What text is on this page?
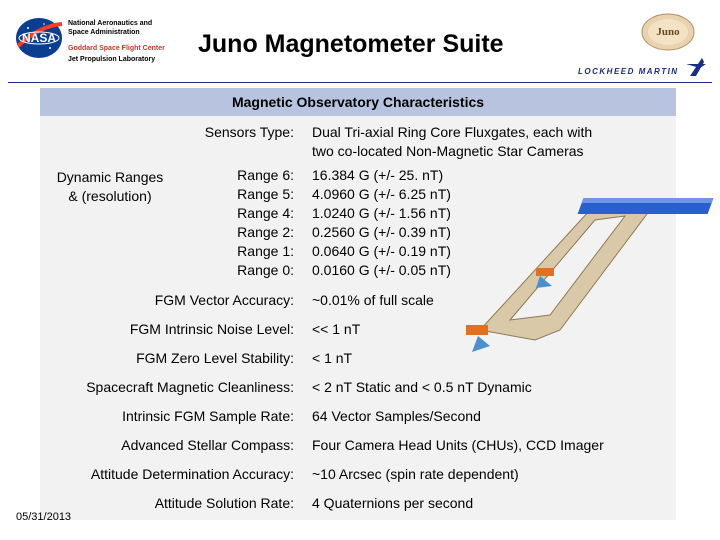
NASA
National Aeronautics and
Space Administration
Goddard Space Flight Center
Jet Propulsion Laboratory
Juno Magnetometer Suite	Juno
LOCKHEED MARTIN
Magnetic Observatory Characteristics
Sensors Type: Dual Tri-axial Ring Core Fluxgates, each with
two co-located Non-Magnetic Star Cameras
Dynamic Ranges
& (resolution)
Range 6: 16.384 G (+/- 25. nT)
Range 5: 4.0960 G (+/- 6.25 nT)
Range 4: 1.0240 G (+/- 1.56 nT)
Range 2: 0.2560 G (+/- 0.39 nT)
Range 1: 0.0640 G (+/- 0.19 nT)
Range 0: 0.0160 G (+/- 0.05 nT)
FGM Vector Accuracy: ~0.01% of full scale
FGM Intrinsic Noise Level: << 1 nT
FGM Zero Level Stability: < 1 nT
Spacecraft Magnetic Cleanliness: < 2 nT Static and < 0.5 nT Dynamic
Intrinsic FGM Sample Rate: 64 Vector Samples/Second
Advanced Stellar Compass: Four Camera Head Units (CHUs), CCD Imager
Attitude Determination Accuracy: ~10 Arcsec (spin rate dependent)
Attitude Solution Rate: 4 Quaternions per second
05/31/2013
